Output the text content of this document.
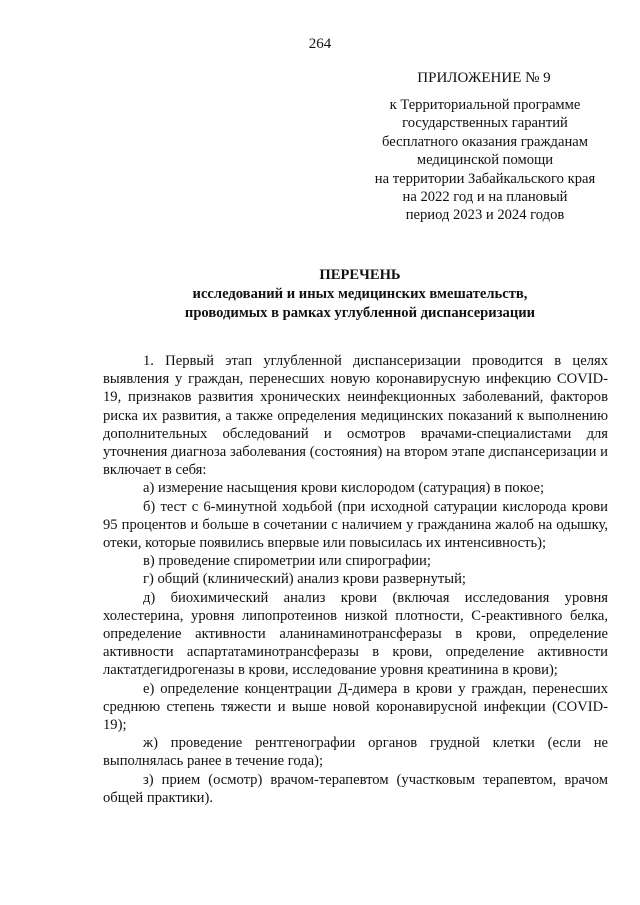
264
ПРИЛОЖЕНИЕ № 9
к Территориальной программе
государственных гарантий
бесплатного оказания гражданам
медицинской помощи
на территории Забайкальского края
на 2022 год и на плановый
период 2023 и 2024 годов
ПЕРЕЧЕНЬ
исследований и иных медицинских вмешательств,
проводимых в рамках углубленной диспансеризации

1. Первый этап углубленной диспансеризации проводится в целях выявления у граждан, перенесших новую коронавирусную инфекцию COVID-19, признаков развития хронических неинфекционных заболеваний, факторов риска их развития, а также определения медицинских показаний к выполнению дополнительных обследований и осмотров врачами-специалистами для уточнения диагноза заболевания (состояния) на втором этапе диспансеризации и включает в себя:

а) измерение насыщения крови кислородом (сатурация) в покое;

б) тест с 6-минутной ходьбой (при исходной сатурации кислорода крови 95 процентов и больше в сочетании с наличием у гражданина жалоб на одышку, отеки, которые появились впервые или повысилась их интенсивность);

в) проведение спирометрии или спирографии;

г) общий (клинический) анализ крови развернутый;

д) биохимический анализ крови (включая исследования уровня холестерина, уровня липопротеинов низкой плотности, С-реактивного белка, определение активности аланинаминотрансферазы в крови, определение активности аспартатаминотрансферазы в крови, определение активности лактатдегидрогеназы в крови, исследование уровня креатинина в крови);

е) определение концентрации Д-димера в крови у граждан, перенесших среднюю степень тяжести и выше новой коронавирусной инфекции (COVID-19);

ж) проведение рентгенографии органов грудной клетки (если не выполнялась ранее в течение года);

з) прием (осмотр) врачом-терапевтом (участковым терапевтом, врачом общей практики).
